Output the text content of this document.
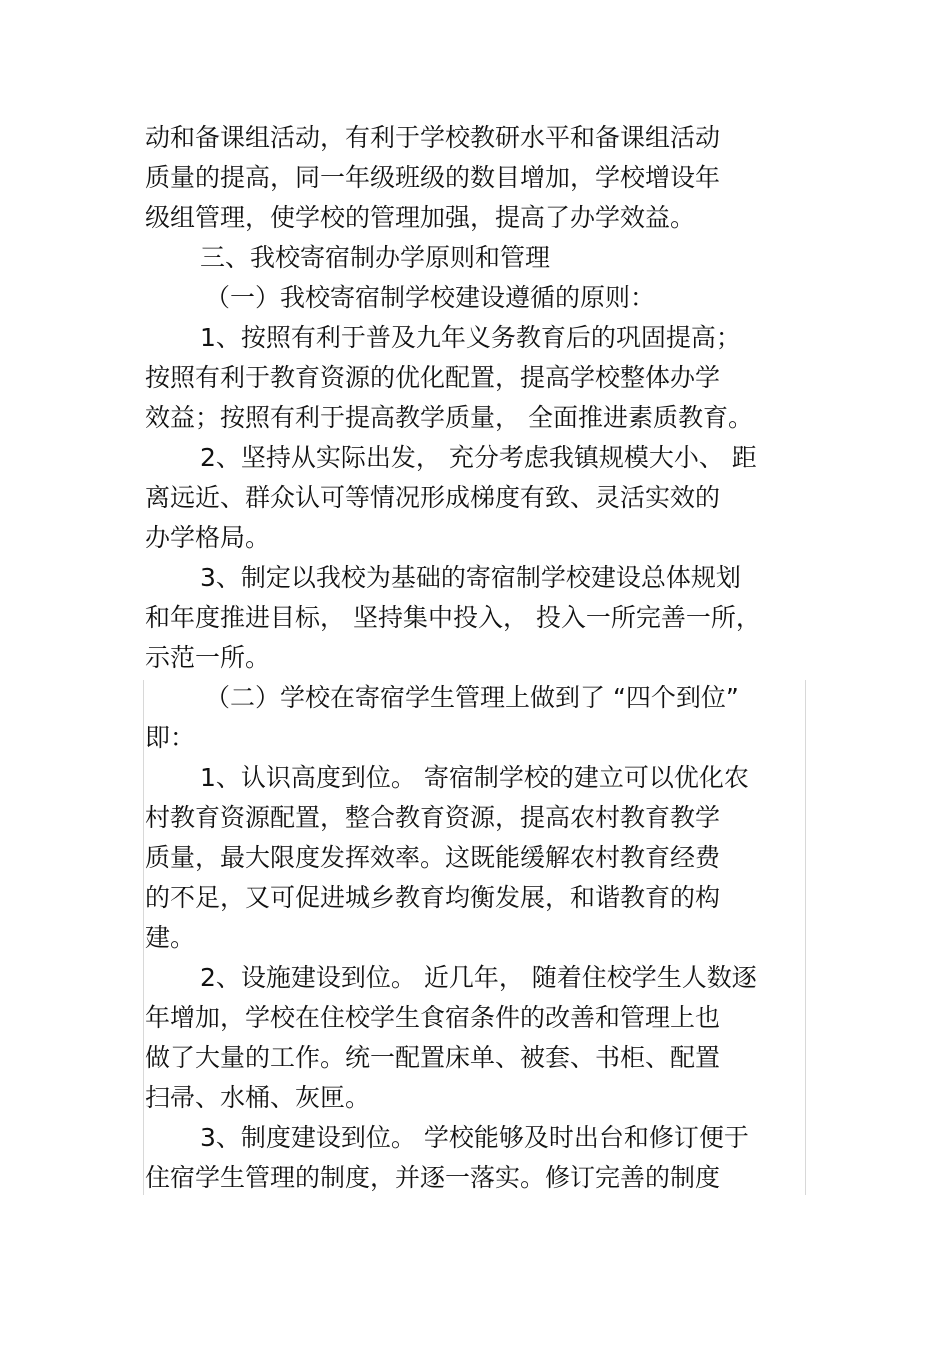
动和备课组活动，有利于学校教研水平和备课组活动
质量的提高，同一年级班级的数目增加，学校增设年
级组管理，使学校的管理加强，提高了办学效益。
三、我校寄宿制办学原则和管理
（一）我校寄宿制学校建设遵循的原则：
1、按照有利于普及九年义务教育后的巩固提高；
按照有利于教育资源的优化配置，提高学校整体办学
效益；按照有利于提高教学质量， 全面推进素质教育。
2、坚持从实际出发， 充分考虑我镇规模大小、 距
离远近、群众认可等情况形成梯度有致、灵活实效的
办学格局。
3、制定以我校为基础的寄宿制学校建设总体规划
和年度推进目标， 坚持集中投入， 投入一所完善一所，
示范一所。
（二）学校在寄宿学生管理上做到了 “四个到位”
即：
1、认识高度到位。 寄宿制学校的建立可以优化农
村教育资源配置，整合教育资源，提高农村教育教学
质量，最大限度发挥效率。这既能缓解农村教育经费
的不足，又可促进城乡教育均衡发展，和谐教育的构
建。
2、设施建设到位。 近几年， 随着住校学生人数逐
年增加，学校在住校学生食宿条件的改善和管理上也
做了大量的工作。统一配置床单、被套、书柜、配置
扫帚、水桶、灰匣。
3、制度建设到位。 学校能够及时出台和修订便于
住宿学生管理的制度，并逐一落实。修订完善的制度
